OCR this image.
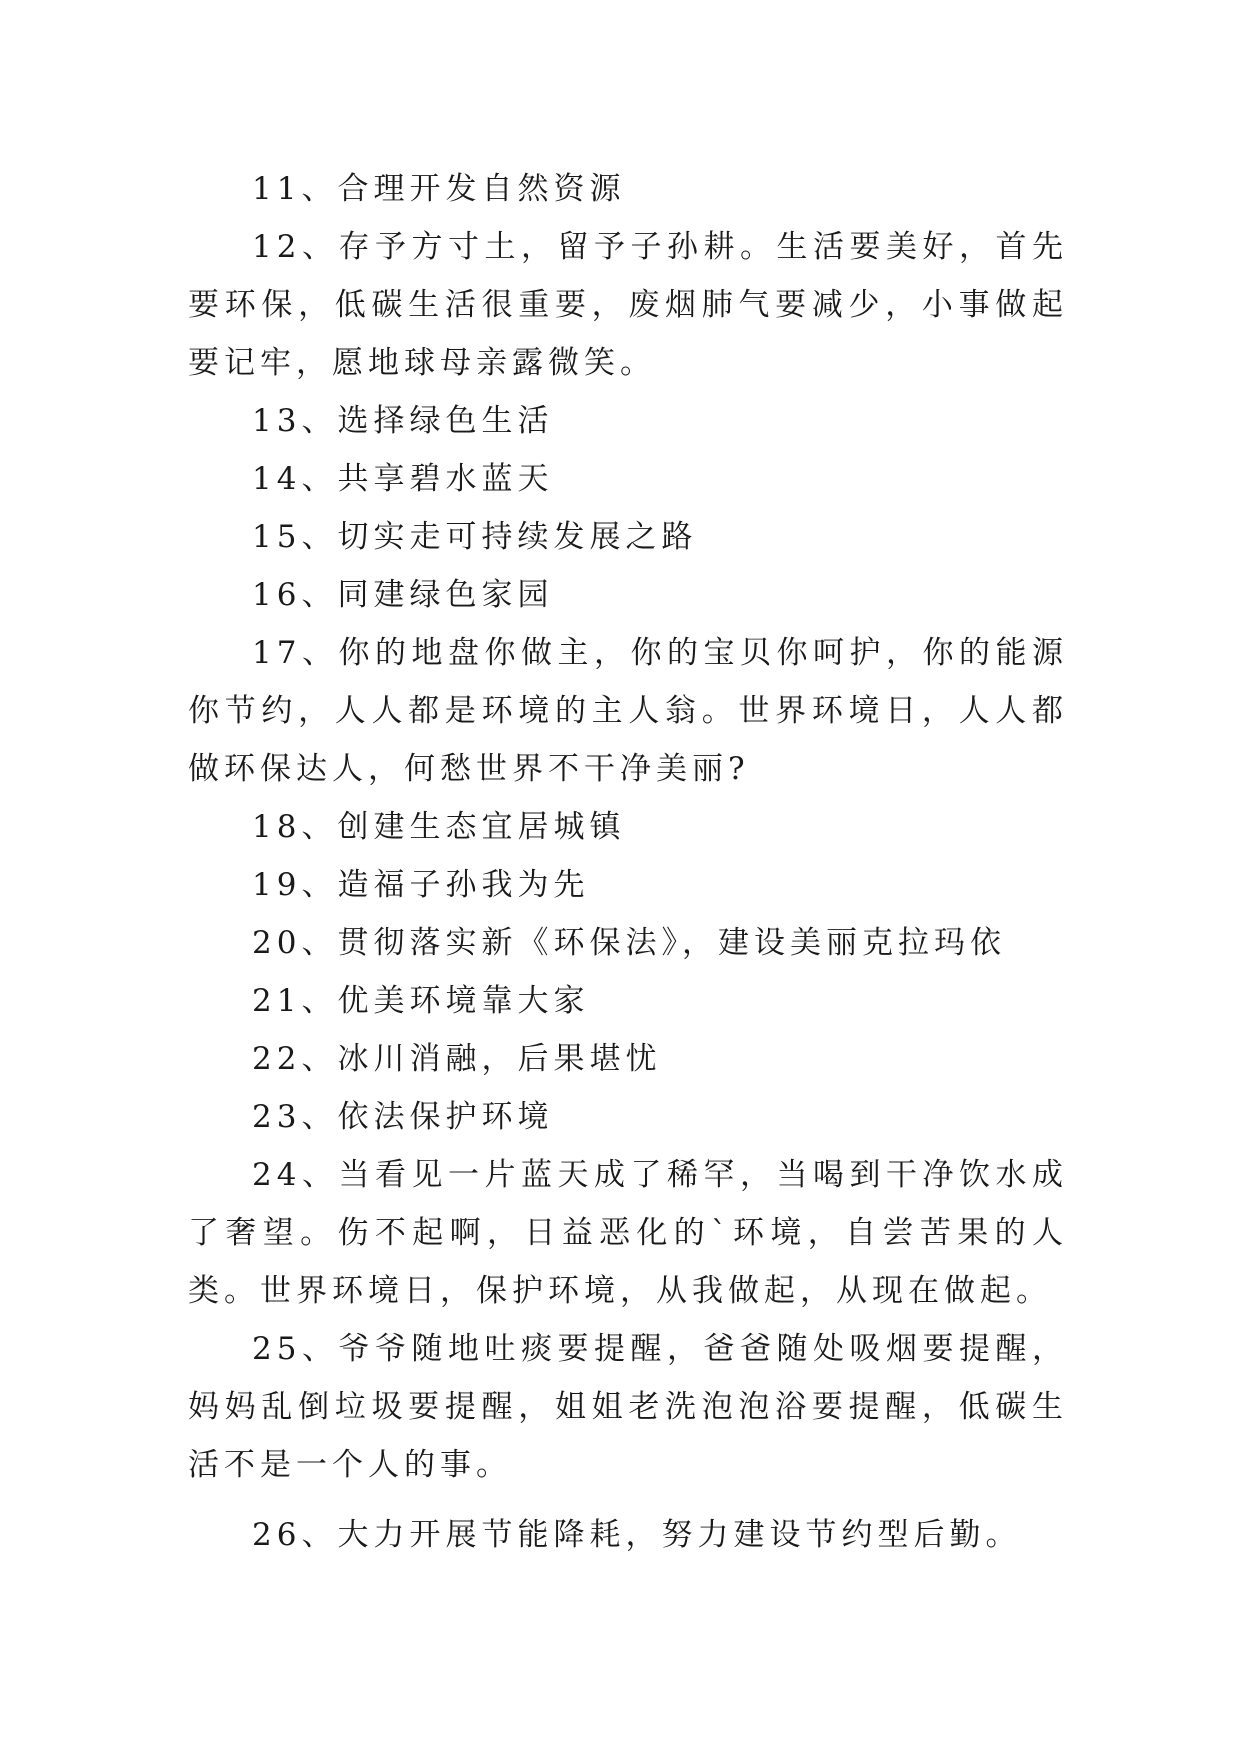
11、合理开发自然资源

12、存予方寸土，留予子孙耕。生活要美好，首先要环保，低碳生活很重要，废烟肺气要减少，小事做起要记牢，愿地球母亲露微笑。

13、选择绿色生活

14、共享碧水蓝天

15、切实走可持续发展之路

16、同建绿色家园

17、你的地盘你做主，你的宝贝你呵护，你的能源你节约，人人都是环境的主人翁。世界环境日，人人都做环保达人，何愁世界不干净美丽?

18、创建生态宜居城镇

19、造福子孙我为先

20、贯彻落实新《环保法》，建设美丽克拉玛依

21、优美环境靠大家

22、冰川消融，后果堪忧

23、依法保护环境

24、当看见一片蓝天成了稀罕，当喝到干净饮水成了奢望。伤不起啊，日益恶化的`环境，自尝苦果的人类。世界环境日，保护环境，从我做起，从现在做起。

25、爷爷随地吐痰要提醒，爸爸随处吸烟要提醒，妈妈乱倒垃圾要提醒，姐姐老洗泡泡浴要提醒，低碳生活不是一个人的事。

26、大力开展节能降耗，努力建设节约型后勤。
